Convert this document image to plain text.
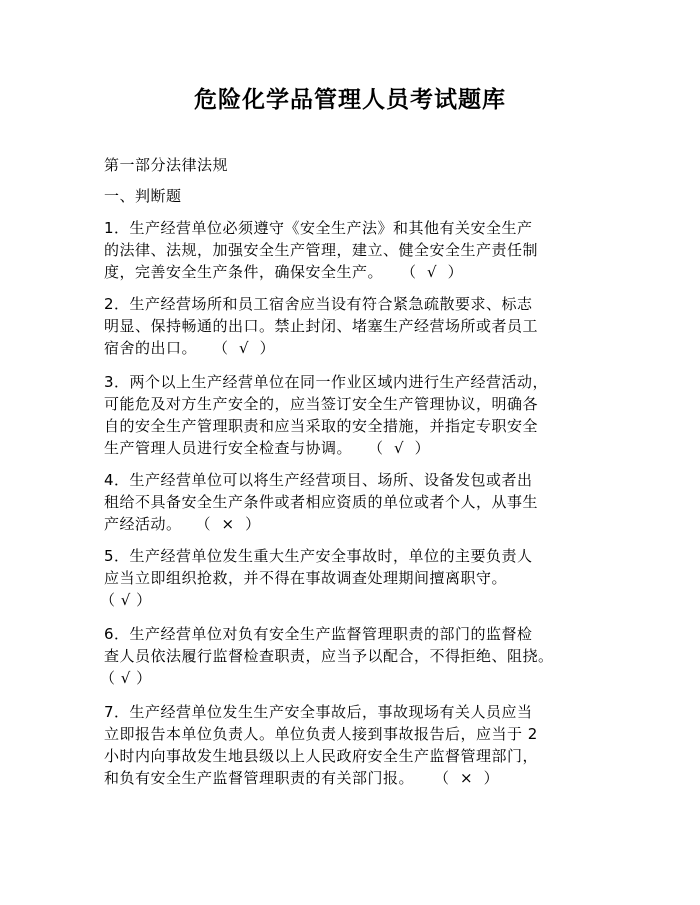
危险化学品管理人员考试题库
第一部分法律法规
一、判断题
1．生产经营单位必须遵守《安全生产法》和其他有关安全生产
的法律、法规，加强安全生产管理，建立、健全安全生产责任制
度，完善安全生产条件，确保安全生产。 （  √  ）
2．生产经营场所和员工宿舍应当设有符合紧急疏散要求、标志
明显、保持畅通的出口。禁止封闭、堵塞生产经营场所或者员工
宿舍的出口。 （  √  ）
3．两个以上生产经营单位在同一作业区域内进行生产经营活动，
可能危及对方生产安全的，应当签订安全生产管理协议，明确各
自的安全生产管理职责和应当采取的安全措施，并指定专职安全
生产管理人员进行安全检查与协调。 （  √  ）
4．生产经营单位可以将生产经营项目、场所、设备发包或者出
租给不具备安全生产条件或者相应资质的单位或者个人，从事生
产经活动。 （  ×  ）
5．生产经营单位发生重大生产安全事故时，单位的主要负责人
应当立即组织抢救，并不得在事故调查处理期间擅离职守。
（ √ ）
6．生产经营单位对负有安全生产监督管理职责的部门的监督检
查人员依法履行监督检查职责，应当予以配合，不得拒绝、阻挠。
（ √ ）
7．生产经营单位发生生产安全事故后，事故现场有关人员应当
立即报告本单位负责人。单位负责人接到事故报告后，应当于 2
小时内向事故发生地县级以上人民政府安全生产监督管理部门，
和负有安全生产监督管理职责的有关部门报。 （  ×  ）
